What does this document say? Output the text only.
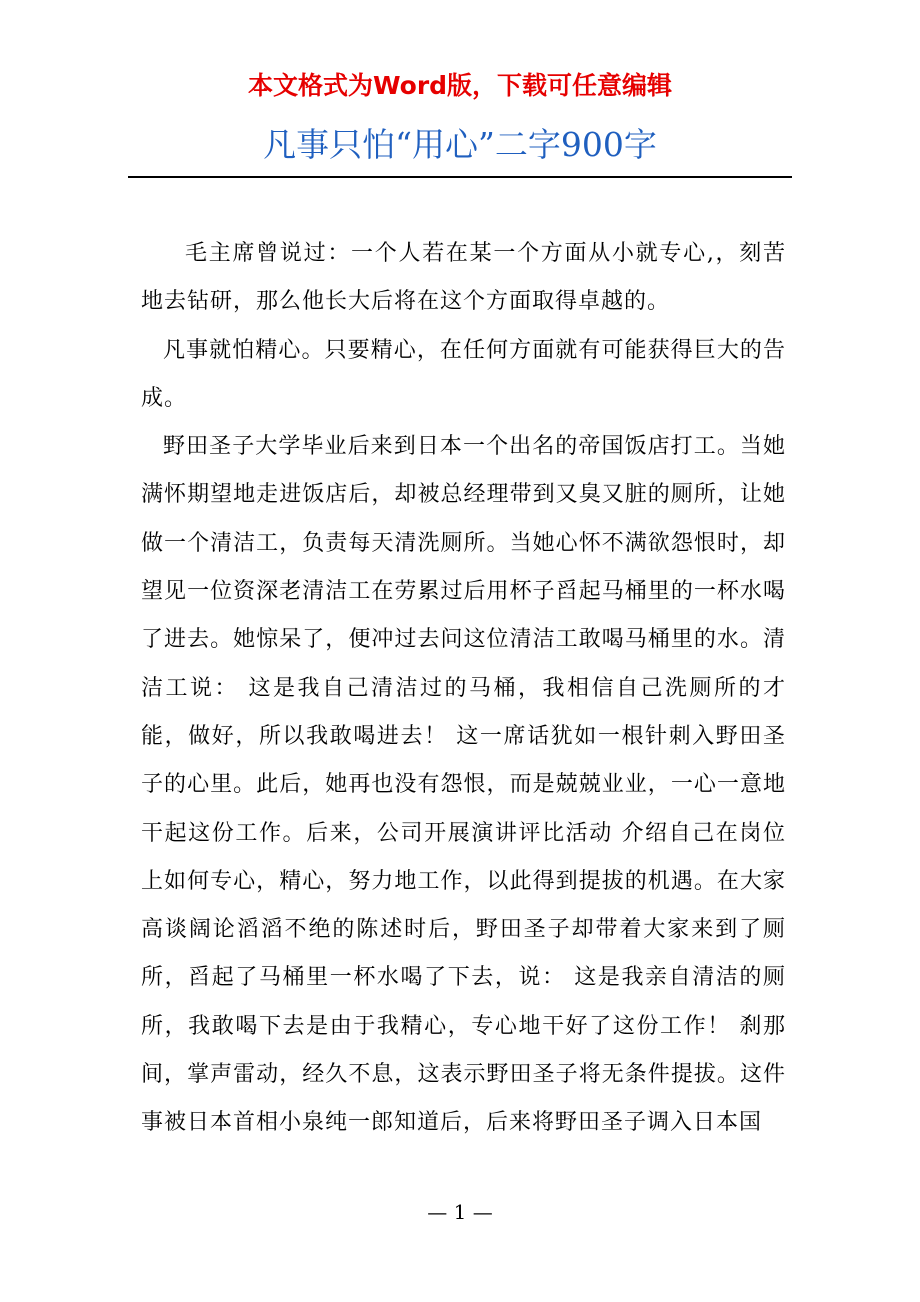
本文格式为Word版，下载可任意编辑
凡事只怕“用心”二字900字

毛主席曾说过：一个人若在某一个方面从小就专心,，刻苦地去钻研，那么他长大后将在这个方面取得卓越的。

凡事就怕精心。只要精心，在任何方面就有可能获得巨大的告成。

野田圣子大学毕业后来到日本一个出名的帝国饭店打工。当她满怀期望地走进饭店后，却被总经理带到又臭又脏的厕所，让她做一个清洁工，负责每天清洗厕所。当她心怀不满欲怨恨时，却望见一位资深老清洁工在劳累过后用杯子舀起马桶里的一杯水喝了进去。她惊呆了，便冲过去问这位清洁工敢喝马桶里的水。清洁工说： 这是我自己清洁过的马桶，我相信自己洗厕所的才能，做好，所以我敢喝进去！ 这一席话犹如一根针刺入野田圣子的心里。此后，她再也没有怨恨，而是兢兢业业，一心一意地干起这份工作。后来，公司开展演讲评比活动 介绍自己在岗位上如何专心，精心，努力地工作，以此得到提拔的机遇。在大家高谈阔论滔滔不绝的陈述时后，野田圣子却带着大家来到了厕所，舀起了马桶里一杯水喝了下去，说： 这是我亲自清洁的厕所，我敢喝下去是由于我精心，专心地干好了这份工作！ 刹那间，掌声雷动，经久不息，这表示野田圣子将无条件提拔。这件事被日本首相小泉纯一郎知道后，后来将野田圣子调入日本国

— 1 —
